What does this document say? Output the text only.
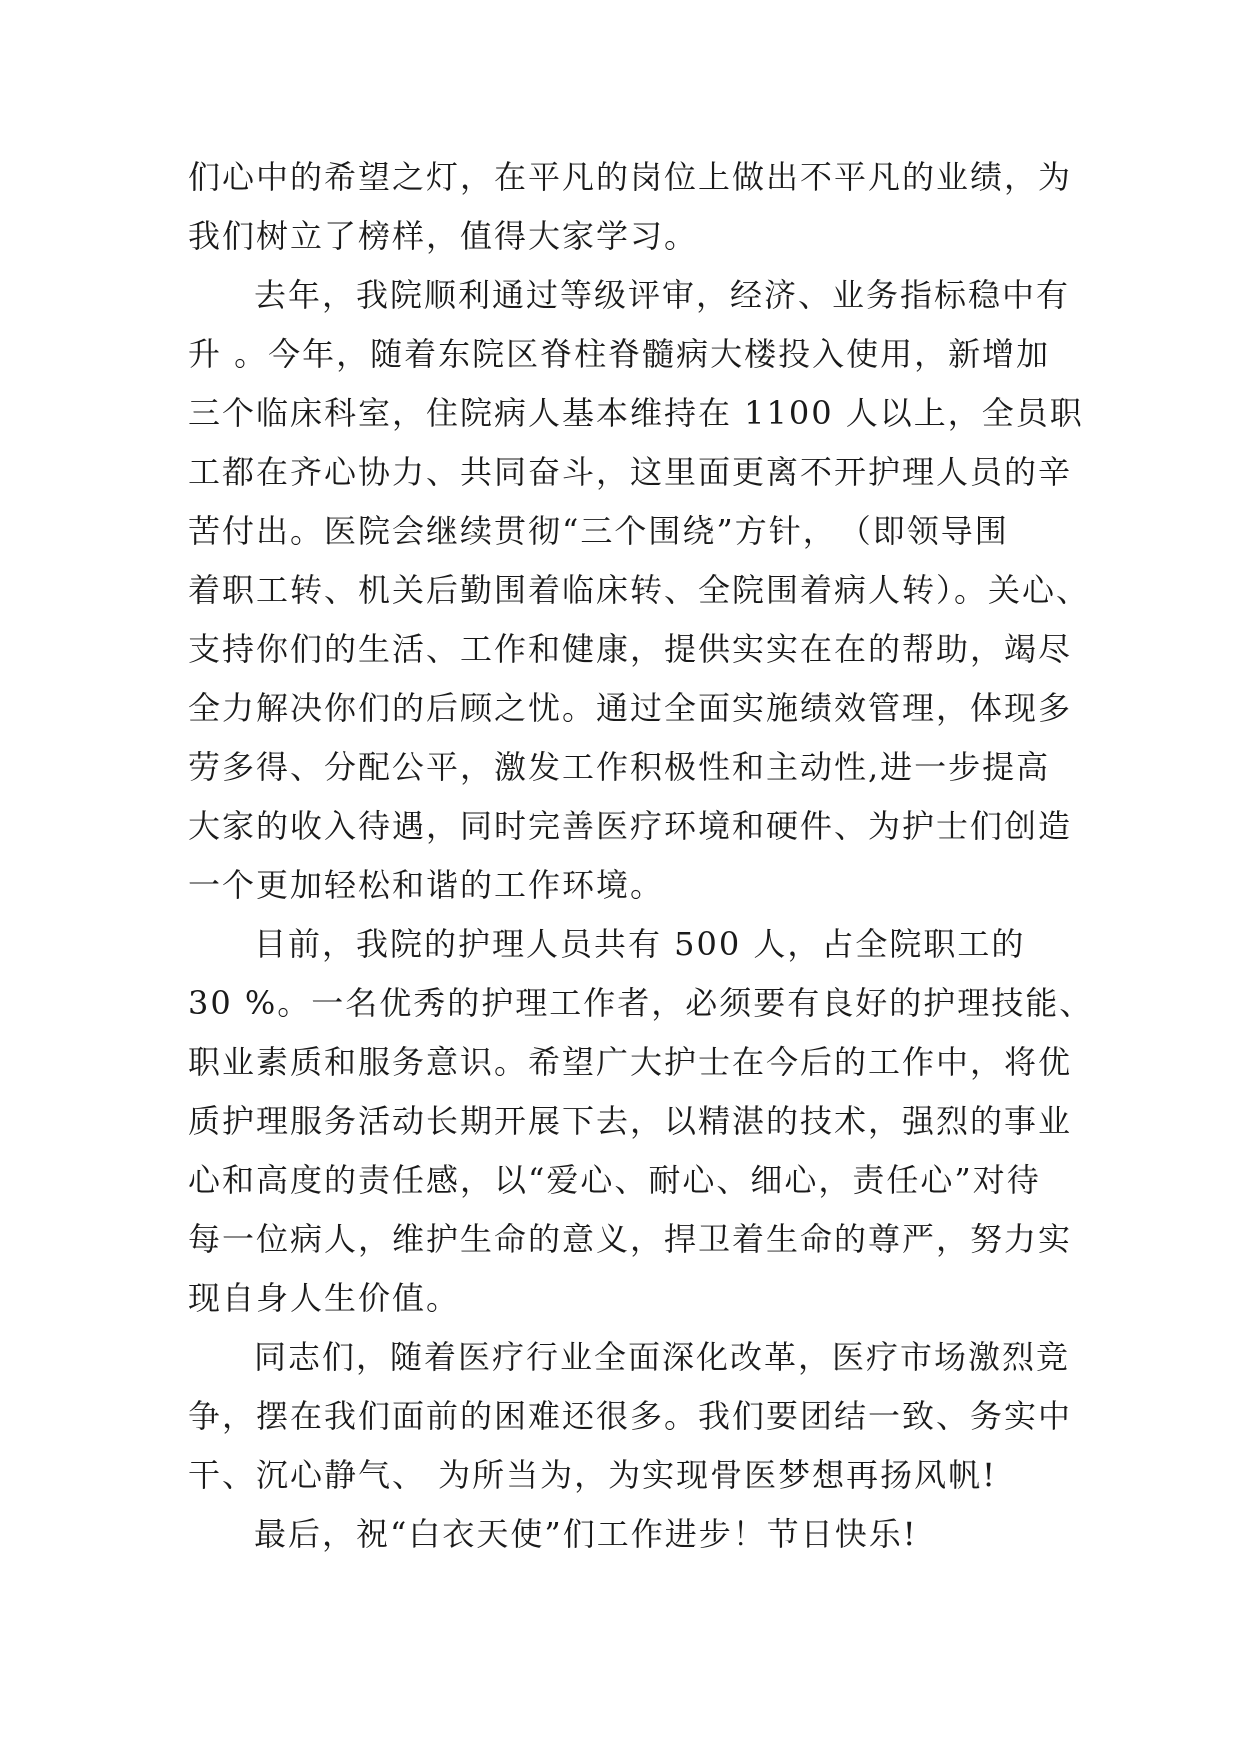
们心中的希望之灯，在平凡的岗位上做出不平凡的业绩，为
我们树立了榜样，值得大家学习。
去年，我院顺利通过等级评审，经济、业务指标稳中有
升 。今年，随着东院区脊柱脊髓病大楼投入使用，新增加
三个临床科室，住院病人基本维持在 1100 人以上，全员职
工都在齐心协力、共同奋斗，这里面更离不开护理人员的辛
苦付出。医院会继续贯彻“三个围绕”方针，　（即领导围
着职工转、机关后勤围着临床转、全院围着病人转）。关心、
支持你们的生活、工作和健康，提供实实在在的帮助，竭尽
全力解决你们的后顾之忧。通过全面实施绩效管理，体现多
劳多得、分配公平，激发工作积极性和主动性,进一步提高
大家的收入待遇，同时完善医疗环境和硬件、为护士们创造
一个更加轻松和谐的工作环境。
目前，我院的护理人员共有 500 人，占全院职工的
30 %。一名优秀的护理工作者，必须要有良好的护理技能、
职业素质和服务意识。希望广大护士在今后的工作中，将优
质护理服务活动长期开展下去，以精湛的技术，强烈的事业
心和高度的责任感，以“爱心、耐心、细心，责任心”对待
每一位病人，维护生命的意义，捍卫着生命的尊严，努力实
现自身人生价值。
同志们，随着医疗行业全面深化改革，医疗市场激烈竞
争，摆在我们面前的困难还很多。我们要团结一致、务实中
干、沉心静气、 为所当为，为实现骨医梦想再扬风帆!
最后，祝“白衣天使”们工作进步！节日快乐!
